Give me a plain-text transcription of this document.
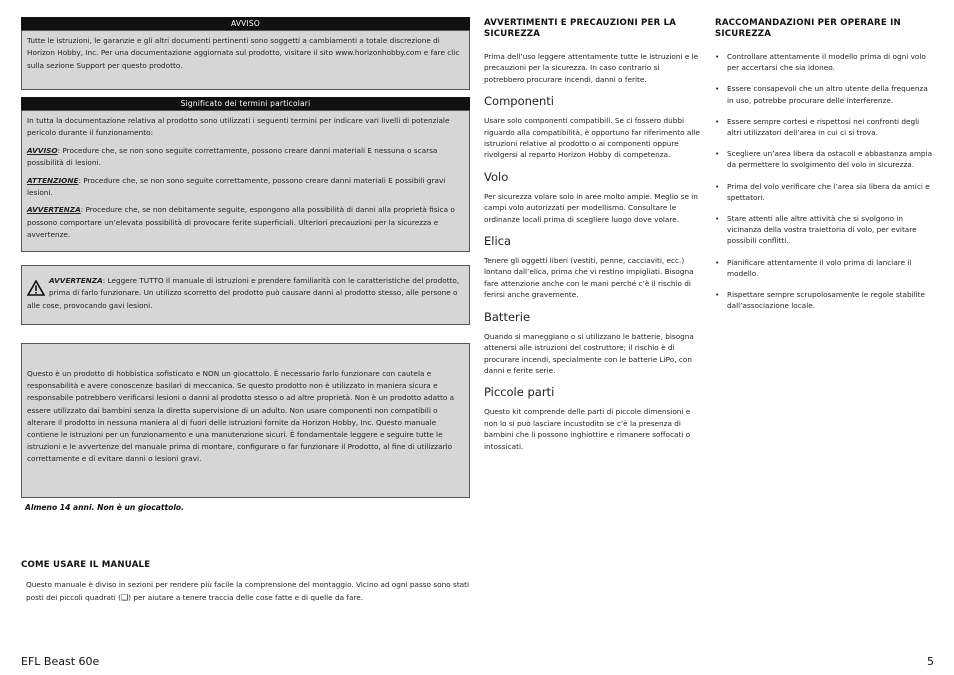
AVVISO
Tutte le istruzioni, le garanzie e gli altri documenti pertinenti sono soggetti a cambiamenti a totale discrezione di Horizon Hobby, Inc. Per una documentazione aggiornata sul prodotto, visitare il sito www.horizonhobby.com e fare clic sulla sezione Support per questo prodotto.
Significato dei termini particolari

In tutta la documentazione relativa al prodotto sono utilizzati i seguenti termini per indicare vari livelli di potenziale pericolo durante il funzionamento:

AVVISO: Procedure che, se non sono seguite correttamente, possono creare danni materiali E nessuna o scarsa possibilità di lesioni.

ATTENZIONE: Procedure che, se non sono seguite correttamente, possono creare danni materiali E possibili gravi lesioni.

AVVERTENZA: Procedure che, se non debitamente seguite, espongono alla possibilità di danni alla proprietà fisica o possono comportare un’elevata possibilità di provocare ferite superficiali. Ulteriori precauzioni per la sicurezza e avvertenze.

AVVERTENZA: Leggere TUTTO il manuale di istruzioni e prendere familiarità con le caratteristiche del prodotto, prima di farlo funzionare. Un utilizzo scorretto del prodotto può causare danni al prodotto stesso, alle persone o alle cose, provocando gavi lesioni.
Questo è un prodotto di hobbistica sofisticato e NON un giocattolo. È necessario farlo funzionare con cautela e responsabilità e avere conoscenze basilari di meccanica. Se questo prodotto non è utilizzato in maniera sicura e responsabile potrebbero verificarsi lesioni o danni al prodotto stesso o ad altre proprietà. Non è un prodotto adatto a essere utilizzato dai bambini senza la diretta supervisione di un adulto. Non usare componenti non compatibili o alterare il prodotto in nessuna maniera al di fuori delle istruzioni fornite da Horizon Hobby, Inc. Questo manuale contiene le istruzioni per un funzionamento e una manutenzione sicuri. È fondamentale leggere e seguire tutte le istruzioni e le avvertenze del manuale prima di montare, configurare o far funzionare il Prodotto, al fine di utilizzarlo correttamente e di evitare danni o lesioni gravi.
Almeno 14 anni. Non è un giocattolo.
COME USARE IL MANUALE
Questo manuale è diviso in sezioni per rendere più facile la comprensione del montaggio. Vicino ad ogni passo sono stati posti dei piccoli quadrati (❑) per aiutare a tenere traccia delle cose fatte e di quelle da fare.
AVVERTIMENTI E PRECAUZIONI PER LA SICUREZZA

Prima dell’uso leggere attentamente tutte le istruzioni e le precauzioni per la sicurezza. In caso contrario si potrebbero procurare incendi, danni o ferite.

Componenti

Usare solo componenti compatibili. Se ci fossero dubbi riguardo alla compatibilità, è opportuno far riferimento alle istruzioni relative al prodotto o ai componenti oppure rivolgersi al reparto Horizon Hobby di competenza.

Volo

Per sicurezza volare solo in aree molto ampie. Meglio se in campi volo autorizzati per modellismo. Consultare le ordinanze locali prima di scegliere luogo dove volare.

Elica

Tenere gli oggetti liberi (vestiti, penne, cacciaviti, ecc.) lontano dall’elica, prima che vi restino impigliati. Bisogna fare attenzione anche con le mani perché c’è il rischio di ferirsi anche gravemente.

Batterie

Quando si maneggiano o si utilizzano le batterie, bisogna attenersi alle istruzioni del costruttore; il rischio è di procurare incendi, specialmente con le batterie LiPo, con danni e ferite serie.

Piccole parti

Questo kit comprende delle parti di piccole dimensioni e non lo si può lasciare incustodito se c’è la presenza di bambini che li possono inghiottire e rimanere soffocati o intossicati.

RACCOMANDAZIONI PER OPERARE IN SICUREZZA
• Controllare attentamente il modello prima di ogni volo per accertarsi che sia idoneo.
• Essere consapevoli che un altro utente della frequenza in uso, potrebbe procurare delle interferenze.
• Essere sempre cortesi e rispettosi nei confronti degli altri utilizzatori dell’area in cui ci si trova.
• Scegliere un’area libera da ostacoli e abbastanza ampia da permettere lo svolgimento del volo in sicurezza.
• Prima del volo verificare che l’area sia libera da amici e spettatori.
• Stare attenti alle altre attività che si svolgono in vicinanza della vostra traiettoria di volo, per evitare possibili conflitti.
• Pianificare attentamente il volo prima di lanciare il modello.
• Rispettare sempre scrupolosamente le regole stabilite dall’associazione locale.
EFL Beast 60e	5
